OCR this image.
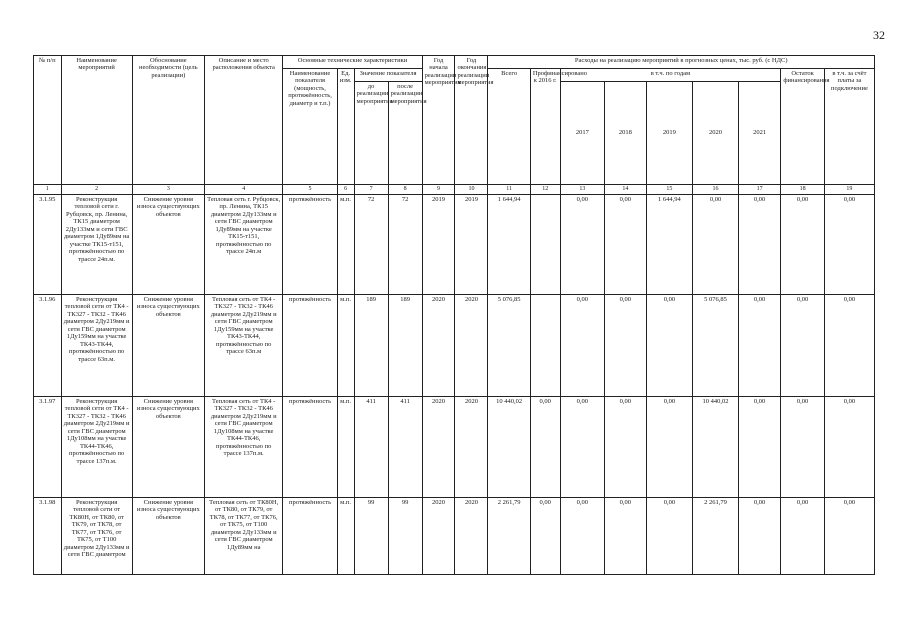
32
№ п/п	Наименование мероприятий	Обоснование необходимости (цель реализации)	Описание и место расположения объекта	Основные технические характеристики				Год начала реализации мероприятия	Год окончания реализации мероприятия	Расходы на реализацию мероприятий в прогнозных ценах, тыс. руб. (с НДС)								
				Наименование показателя (мощность, протяжённость, диаметр и т.п.)	Ед. изм.	Значение показателя				Всего	Профинансировано к 2016 г.	в т.ч. по годам					Остаток финансирования	в т.ч. за счёт платы за подключение
						до реализации мероприятия	после реализации мероприятия					2017	2018	2019	2020	2021		
1	2	3	4	5	6	7	8	9	10	11	12	13	14	15	16	17	18	19
3.1.95	Реконструкция тепловой сети г. Рубцовск, пр. Ленина, ТК15 диаметром 2Ду133мм и сети ГВС диаметром 1Ду89мм на участке ТК15-т151, протяжённостью по трассе 24п.м.	Снижение уровня износа существующих объектов	Тепловая сеть г. Рубцовск, пр. Ленина, ТК15 диаметром 2Ду133мм и сети ГВС диаметром 1Ду89мм на участке ТК15-т151, протяжённостью по трассе 24п.м	протяжённость	м.п.	72	72	2019	2019	1 644,94		0,00	0,00	1 644,94	0,00	0,00	0,00	0,00
3.1.96	Реконструкция тепловой сети от ТК4 - ТК327 - ТК32 - ТК46 диаметром 2Ду219мм и сети ГВС диаметром 1Ду159мм на участке ТК43-ТК44, протяжённостью по трассе 63п.м.	Снижение уровня износа существующих объектов	Тепловая сеть от ТК4 - ТК327 - ТК32 - ТК46 диаметром 2Ду219мм и сети ГВС диаметром 1Ду159мм на участке ТК43-ТК44, протяжённостью по трассе 63п.м	протяжённость	м.п.	189	189	2020	2020	5 076,85		0,00	0,00	0,00	5 076,85	0,00	0,00	0,00
3.1.97	Реконструкция тепловой сети от ТК4 - ТК327 - ТК32 - ТК46 диаметром 2Ду219мм и сети ГВС диаметром 1Ду108мм на участке ТК44-ТК46, протяжённостью по трассе 137п.м.	Снижение уровня износа существующих объектов	Тепловая сеть от ТК4 - ТК327 - ТК32 - ТК46 диаметром 2Ду219мм и сети ГВС диаметром 1Ду108мм на участке ТК44-ТК46, протяжённостью по трассе 137п.м.	протяжённость	м.п.	411	411	2020	2020	10 440,02	0,00	0,00	0,00	0,00	10 440,02	0,00	0,00	0,00
3.1.98	Реконструкция тепловой сети от ТК80Н, от ТК80, от ТК79, от ТК78, от ТК77, от ТК76, от ТК75, от Т100 диаметром 2Ду133мм и сети ГВС диаметром	Снижение уровня износа существующих объектов	Тепловая сеть от ТК80Н, от ТК80, от ТК79, от ТК78, от ТК77, от ТК76, от ТК75, от Т100 диаметром 2Ду133мм и сети ГВС диаметром 1Ду89мм на	протяжённость	м.п.	99	99	2020	2020	2 261,79	0,00	0,00	0,00	0,00	2 261,79	0,00	0,00	0,00
